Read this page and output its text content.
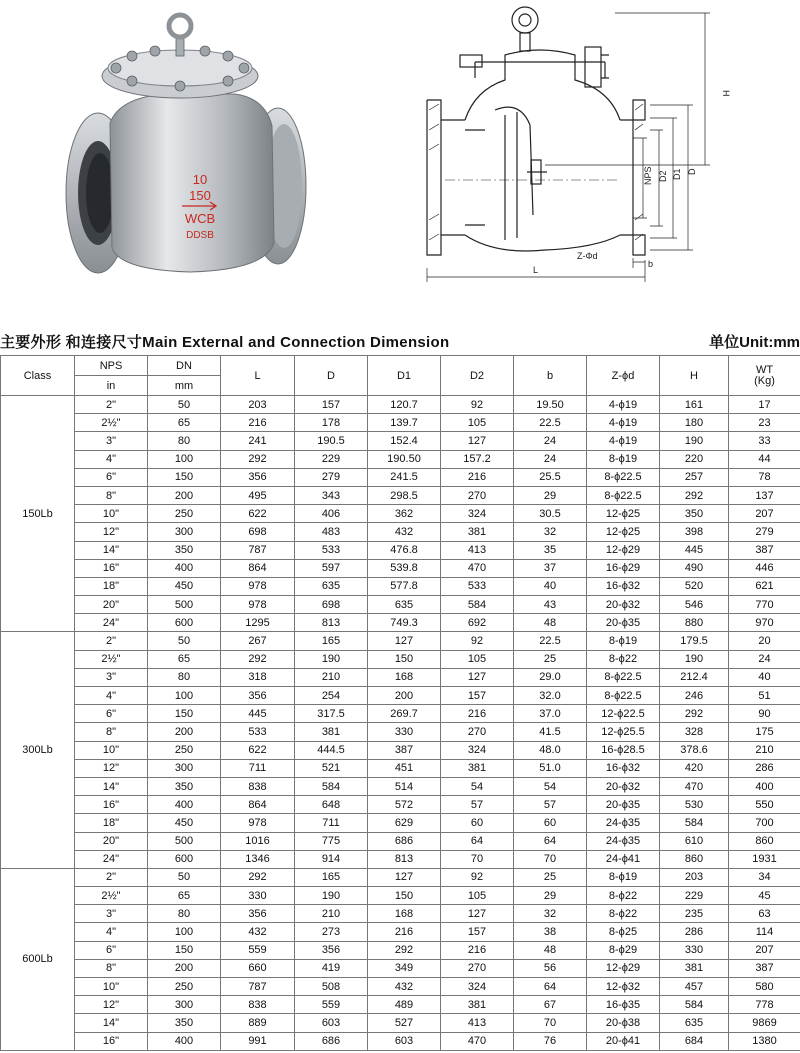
10
150
WCB
DDSB
H
D
D1
D2
NPS
L
b
Z-Φd
主要外形 和连接尺寸Main External and Connection Dimension	单位Unit:mm
Class	NPS	DN	L	D	D1	D2	b	Z-ϕd	H	WT
(Kg)
	in	mm								
150Lb	2"	50	203	157	120.7	92	19.50	4-ϕ19	161	17
	2½"	65	216	178	139.7	105	22.5	4-ϕ19	180	23
	3"	80	241	190.5	152.4	127	24	4-ϕ19	190	33
	4"	100	292	229	190.50	157.2	24	8-ϕ19	220	44
	6"	150	356	279	241.5	216	25.5	8-ϕ22.5	257	78
	8"	200	495	343	298.5	270	29	8-ϕ22.5	292	137
	10"	250	622	406	362	324	30.5	12-ϕ25	350	207
	12"	300	698	483	432	381	32	12-ϕ25	398	279
	14"	350	787	533	476.8	413	35	12-ϕ29	445	387
	16"	400	864	597	539.8	470	37	16-ϕ29	490	446
	18"	450	978	635	577.8	533	40	16-ϕ32	520	621
	20"	500	978	698	635	584	43	20-ϕ32	546	770
	24"	600	1295	813	749.3	692	48	20-ϕ35	880	970
300Lb	2"	50	267	165	127	92	22.5	8-ϕ19	179.5	20
	2½"	65	292	190	150	105	25	8-ϕ22	190	24
	3"	80	318	210	168	127	29.0	8-ϕ22.5	212.4	40
	4"	100	356	254	200	157	32.0	8-ϕ22.5	246	51
	6"	150	445	317.5	269.7	216	37.0	12-ϕ22.5	292	90
	8"	200	533	381	330	270	41.5	12-ϕ25.5	328	175
	10"	250	622	444.5	387	324	48.0	16-ϕ28.5	378.6	210
	12"	300	711	521	451	381	51.0	16-ϕ32	420	286
	14"	350	838	584	514	54	54	20-ϕ32	470	400
	16"	400	864	648	572	57	57	20-ϕ35	530	550
	18"	450	978	711	629	60	60	24-ϕ35	584	700
	20"	500	1016	775	686	64	64	24-ϕ35	610	860
	24"	600	1346	914	813	70	70	24-ϕ41	860	1931
600Lb	2"	50	292	165	127	92	25	8-ϕ19	203	34
	2½"	65	330	190	150	105	29	8-ϕ22	229	45
	3"	80	356	210	168	127	32	8-ϕ22	235	63
	4"	100	432	273	216	157	38	8-ϕ25	286	114
	6"	150	559	356	292	216	48	8-ϕ29	330	207
	8"	200	660	419	349	270	56	12-ϕ29	381	387
	10"	250	787	508	432	324	64	12-ϕ32	457	580
	12"	300	838	559	489	381	67	16-ϕ35	584	778
	14"	350	889	603	527	413	70	20-ϕ38	635	9869
	16"	400	991	686	603	470	76	20-ϕ41	684	1380
